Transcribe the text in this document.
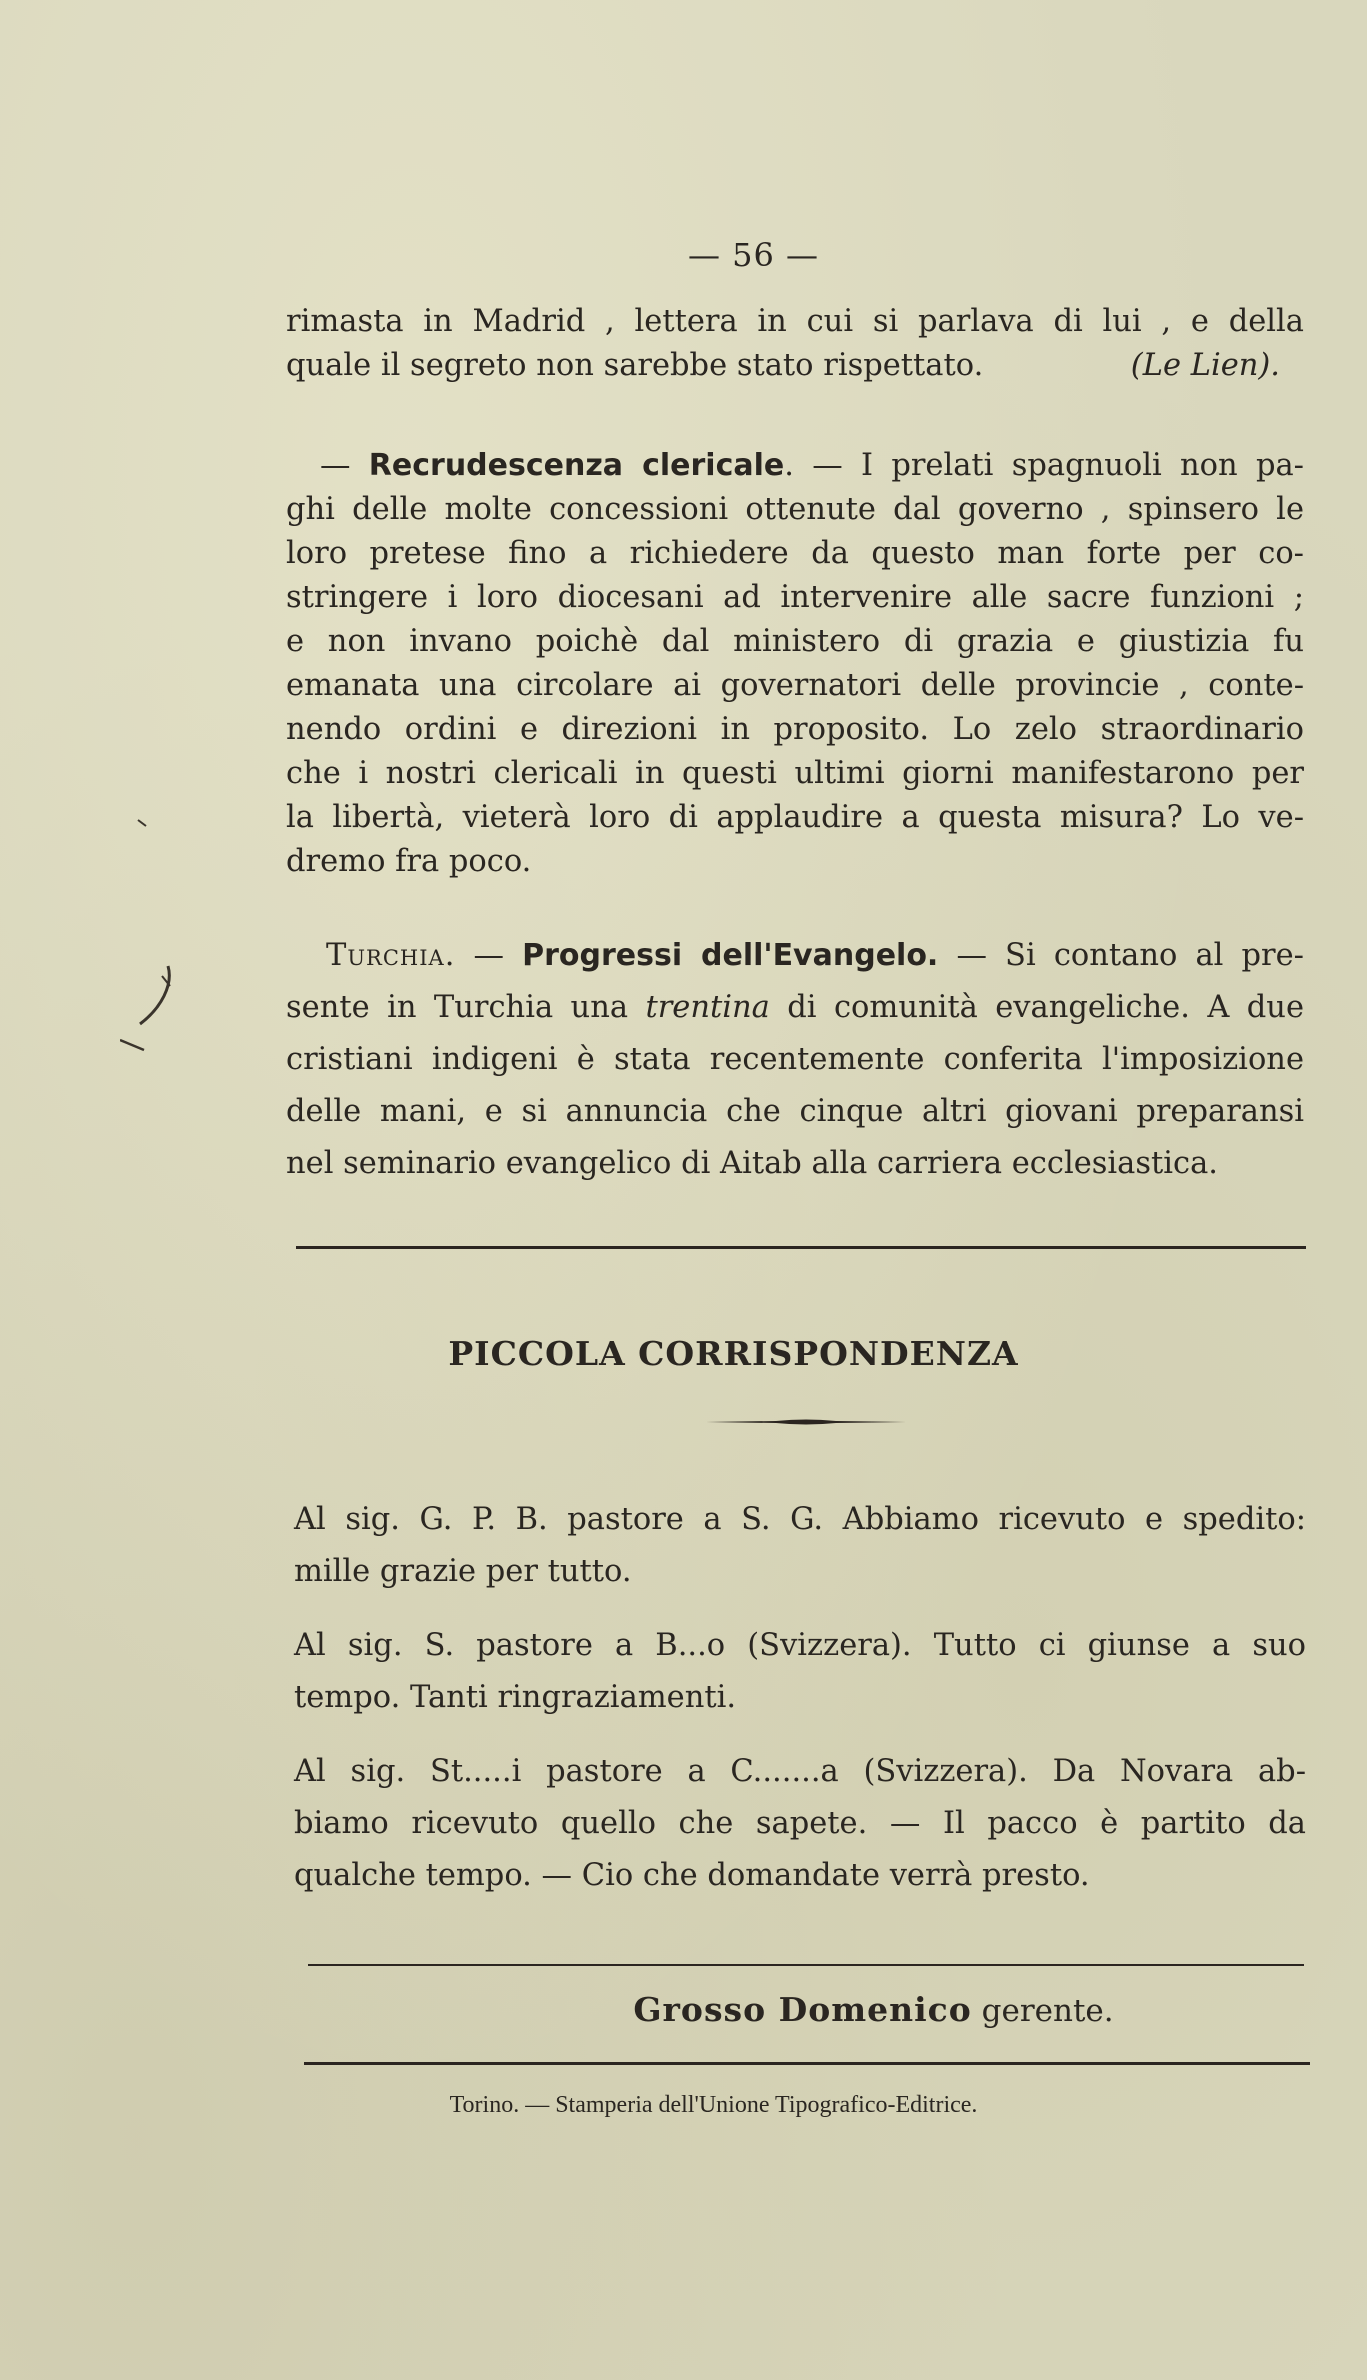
— 56 —

rimasta in Madrid , lettera in cui si parlava di lui , e della

quale il segreto non sarebbe stato rispettato.	(Le Lien).

— Recrudescenza clericale. — I prelati spagnuoli non pa-

ghi delle molte concessioni ottenute dal governo , spinsero le

loro pretese fino a richiedere da questo man forte per co-

stringere i loro diocesani ad intervenire alle sacre funzioni ;

e non invano poichè dal ministero di grazia e giustizia fu

emanata una circolare ai governatori delle provincie , conte-

nendo ordini e direzioni in proposito. Lo zelo straordinario

che i nostri clericali in questi ultimi giorni manifestarono per

la libertà, vieterà loro di applaudire a questa misura? Lo ve-

dremo fra poco.

Turchia. — Progressi dell'Evangelo. — Si contano al pre-

sente in Turchia una trentina di comunità evangeliche. A due

cristiani indigeni è stata recentemente conferita l'imposizione

delle mani, e si annuncia che cinque altri giovani preparansi

nel seminario evangelico di Aitab alla carriera ecclesiastica.

PICCOLA CORRISPONDENZA

Al sig. G. P. B. pastore a S. G. Abbiamo ricevuto e spedito:
mille grazie per tutto.

Al sig. S. pastore a B...o (Svizzera). Tutto ci giunse a suo
tempo. Tanti ringraziamenti.

Al sig. St.....i pastore a C.......a (Svizzera). Da Novara ab-
biamo ricevuto quello che sapete. — Il pacco è partito da
qualche tempo. — Cio che domandate verrà presto.

Grosso Domenico gerente.
Torino. — Stamperia dell'Unione Tipografico-Editrice.
